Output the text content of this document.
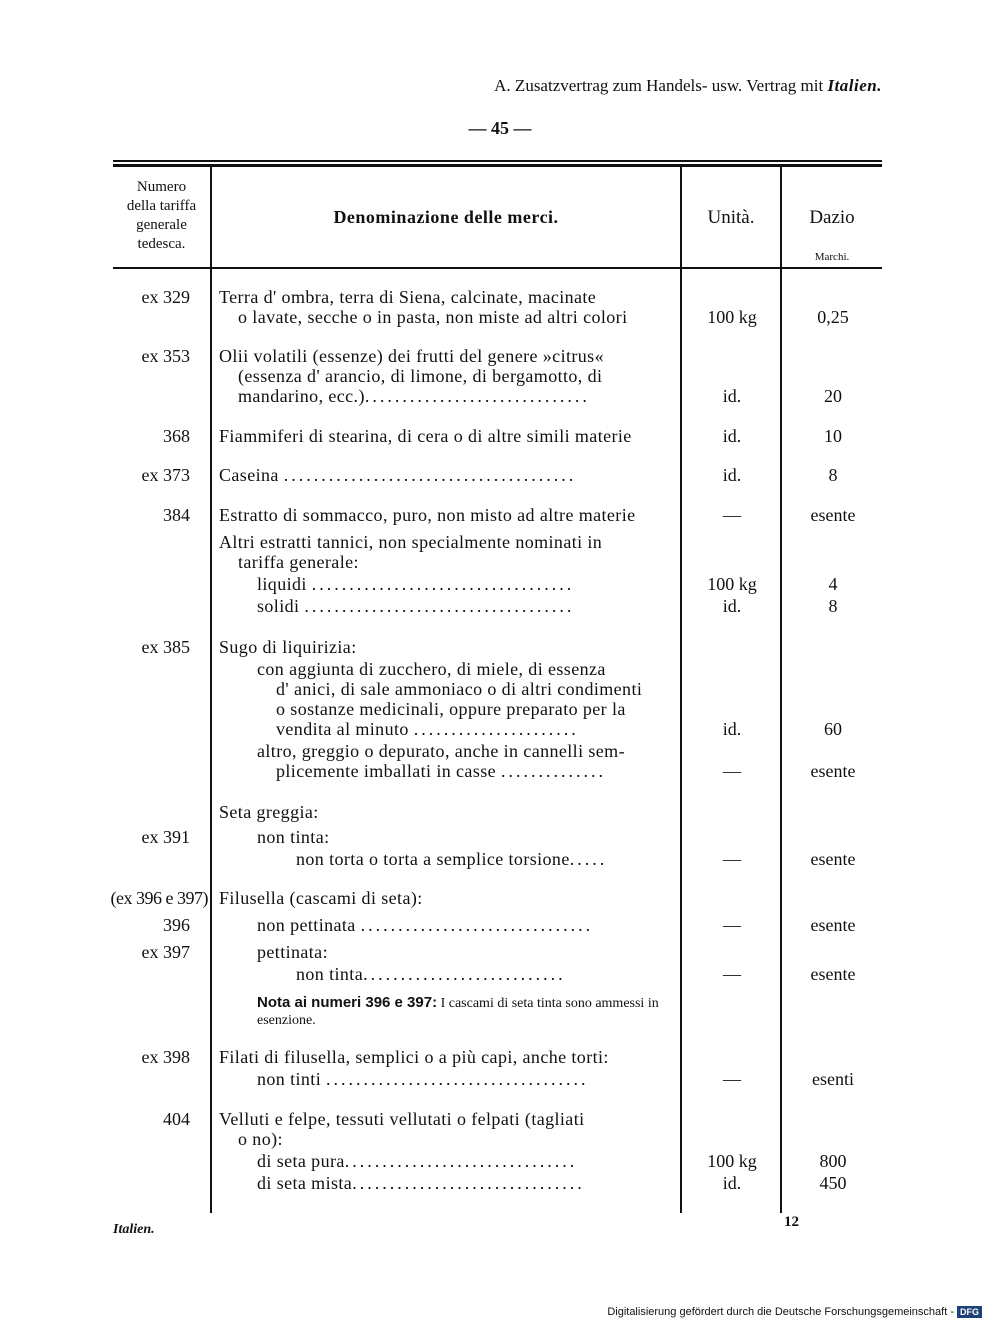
A. Zusatzvertrag zum Handels- usw. Vertrag mit Italien.
— 45 —
Numero
della tariffa
generale
tedesca.
Denominazione delle merci.	Unità.	Dazio
Marchi.
ex 329 Terra d' ombra, terra di Siena, calcinate, macinate
o lavate, secche o in pasta, non miste ad altri colori	100 kg	0,25
ex 353 Olii volatili (essenze) dei frutti del genere »citrus«
(essenza d' arancio, di limone, di bergamotto, di
mandarino, ecc.)..............................	id.	20
368 Fiammiferi di stearina, di cera o di altre simili materie	id.	10
ex 373 Caseina .......................................	id.	8
384 Estratto di sommacco, puro, non misto ad altre materie	—	esente
Altri estratti tannici, non specialmente nominati in
tariffa generale:
liquidi ...................................	100 kg	4
solidi ....................................	id.	8
ex 385 Sugo di liquirizia:
con aggiunta di zucchero, di miele, di essenza
d' anici, di sale ammoniaco o di altri condimenti
o sostanze medicinali, oppure preparato per la
vendita al minuto ......................	id.	60
altro, greggio o depurato, anche in cannelli sem-
plicemente imballati in casse ..............	—	esente
Seta greggia:
ex 391	non tinta:
non torta o torta a semplice torsione.....	—	esente
(ex 396 e 397) Filusella (cascami di seta):
396	non pettinata ...............................	—	esente
ex 397	pettinata:
non tinta...........................	—	esente
Nota ai numeri 396 e 397: I cascami di seta tinta sono ammessi in esenzione.
ex 398 Filati di filusella, semplici o a più capi, anche torti:
non tinti ...................................	—	esenti
404 Velluti e felpe, tessuti vellutati o felpati (tagliati
o no):
di seta pura...............................	100 kg	800
di seta mista...............................	id.	450
Italien.	12
Digitalisierung gefördert durch die Deutsche Forschungsgemeinschaft - DFG
